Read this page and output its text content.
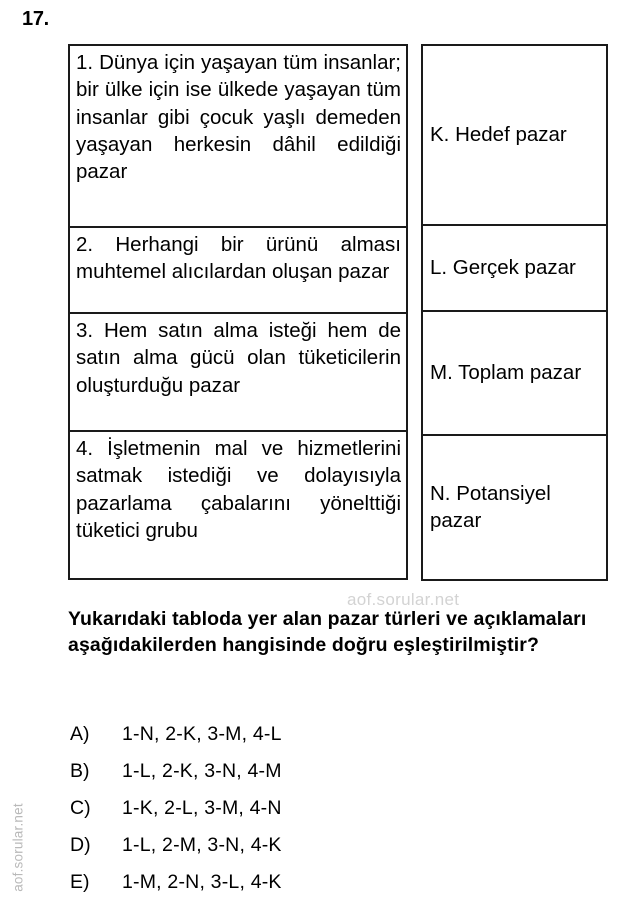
17.
1. Dünya için yaşayan tüm insanlar; bir ülke için ise ülkede yaşayan tüm insanlar gibi çocuk yaşlı demeden yaşayan herkesin dâhil edildiği pazar
2. Herhangi bir ürünü alması muhtemel alıcılardan oluşan pazar
3. Hem satın alma isteği hem de satın alma gücü olan tüketicilerin oluşturduğu pazar
4. İşletmenin mal ve hizmetlerini satmak istediği ve dolayısıyla pazarlama çabalarını yönelttiği tüketici grubu
K. Hedef pazar
L. Gerçek pazar
M. Toplam pazar
N. Potansiyel pazar
aof.sorular.net
Yukarıdaki tabloda yer alan pazar türleri ve açıklamaları aşağıdakilerden hangisinde doğru eşleştirilmiştir?
A)	1-N, 2-K, 3-M, 4-L
B)	1-L, 2-K, 3-N, 4-M
C)	1-K, 2-L, 3-M, 4-N
D)	1-L, 2-M, 3-N, 4-K
E)	1-M, 2-N, 3-L, 4-K
aof.sorular.net
